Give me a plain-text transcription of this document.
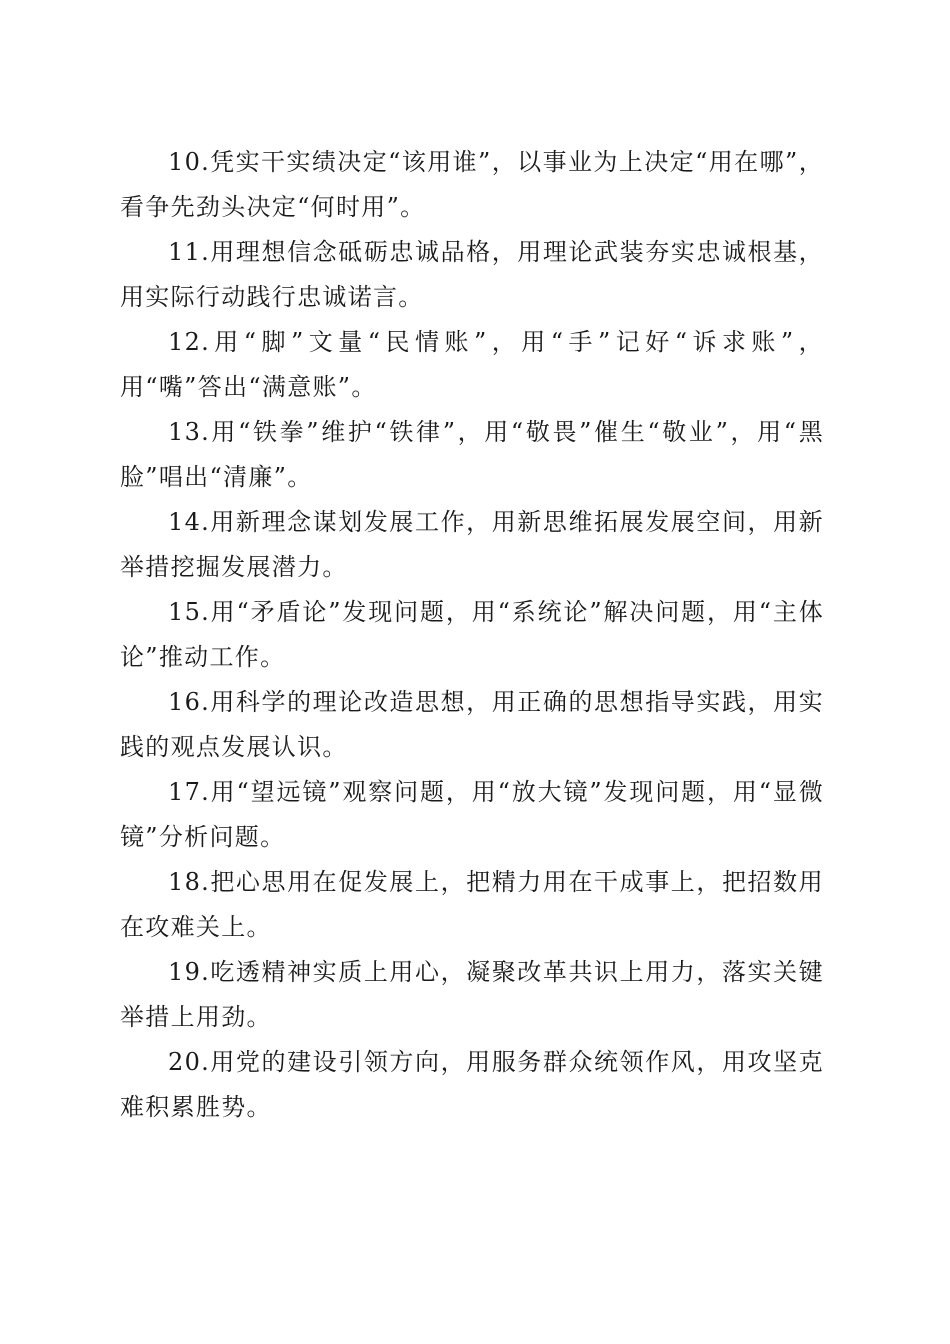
10.凭实干实绩决定“该用谁”，以事业为上决定“用在哪”，看争先劲头决定“何时用”。

11.用理想信念砥砺忠诚品格，用理论武装夯实忠诚根基，用实际行动践行忠诚诺言。

12.用“脚”文量“民情账”，用“手”记好“诉求账”，用“嘴”答出“满意账”。

13.用“铁拳”维护“铁律”，用“敬畏”催生“敬业”，用“黑脸”唱出“清廉”。

14.用新理念谋划发展工作，用新思维拓展发展空间，用新举措挖掘发展潜力。

15.用“矛盾论”发现问题，用“系统论”解决问题，用“主体论”推动工作。

16.用科学的理论改造思想，用正确的思想指导实践，用实践的观点发展认识。

17.用“望远镜”观察问题，用“放大镜”发现问题，用“显微镜”分析问题。

18.把心思用在促发展上，把精力用在干成事上，把招数用在攻难关上。

19.吃透精神实质上用心，凝聚改革共识上用力，落实关键举措上用劲。

20.用党的建设引领方向，用服务群众统领作风，用攻坚克难积累胜势。
